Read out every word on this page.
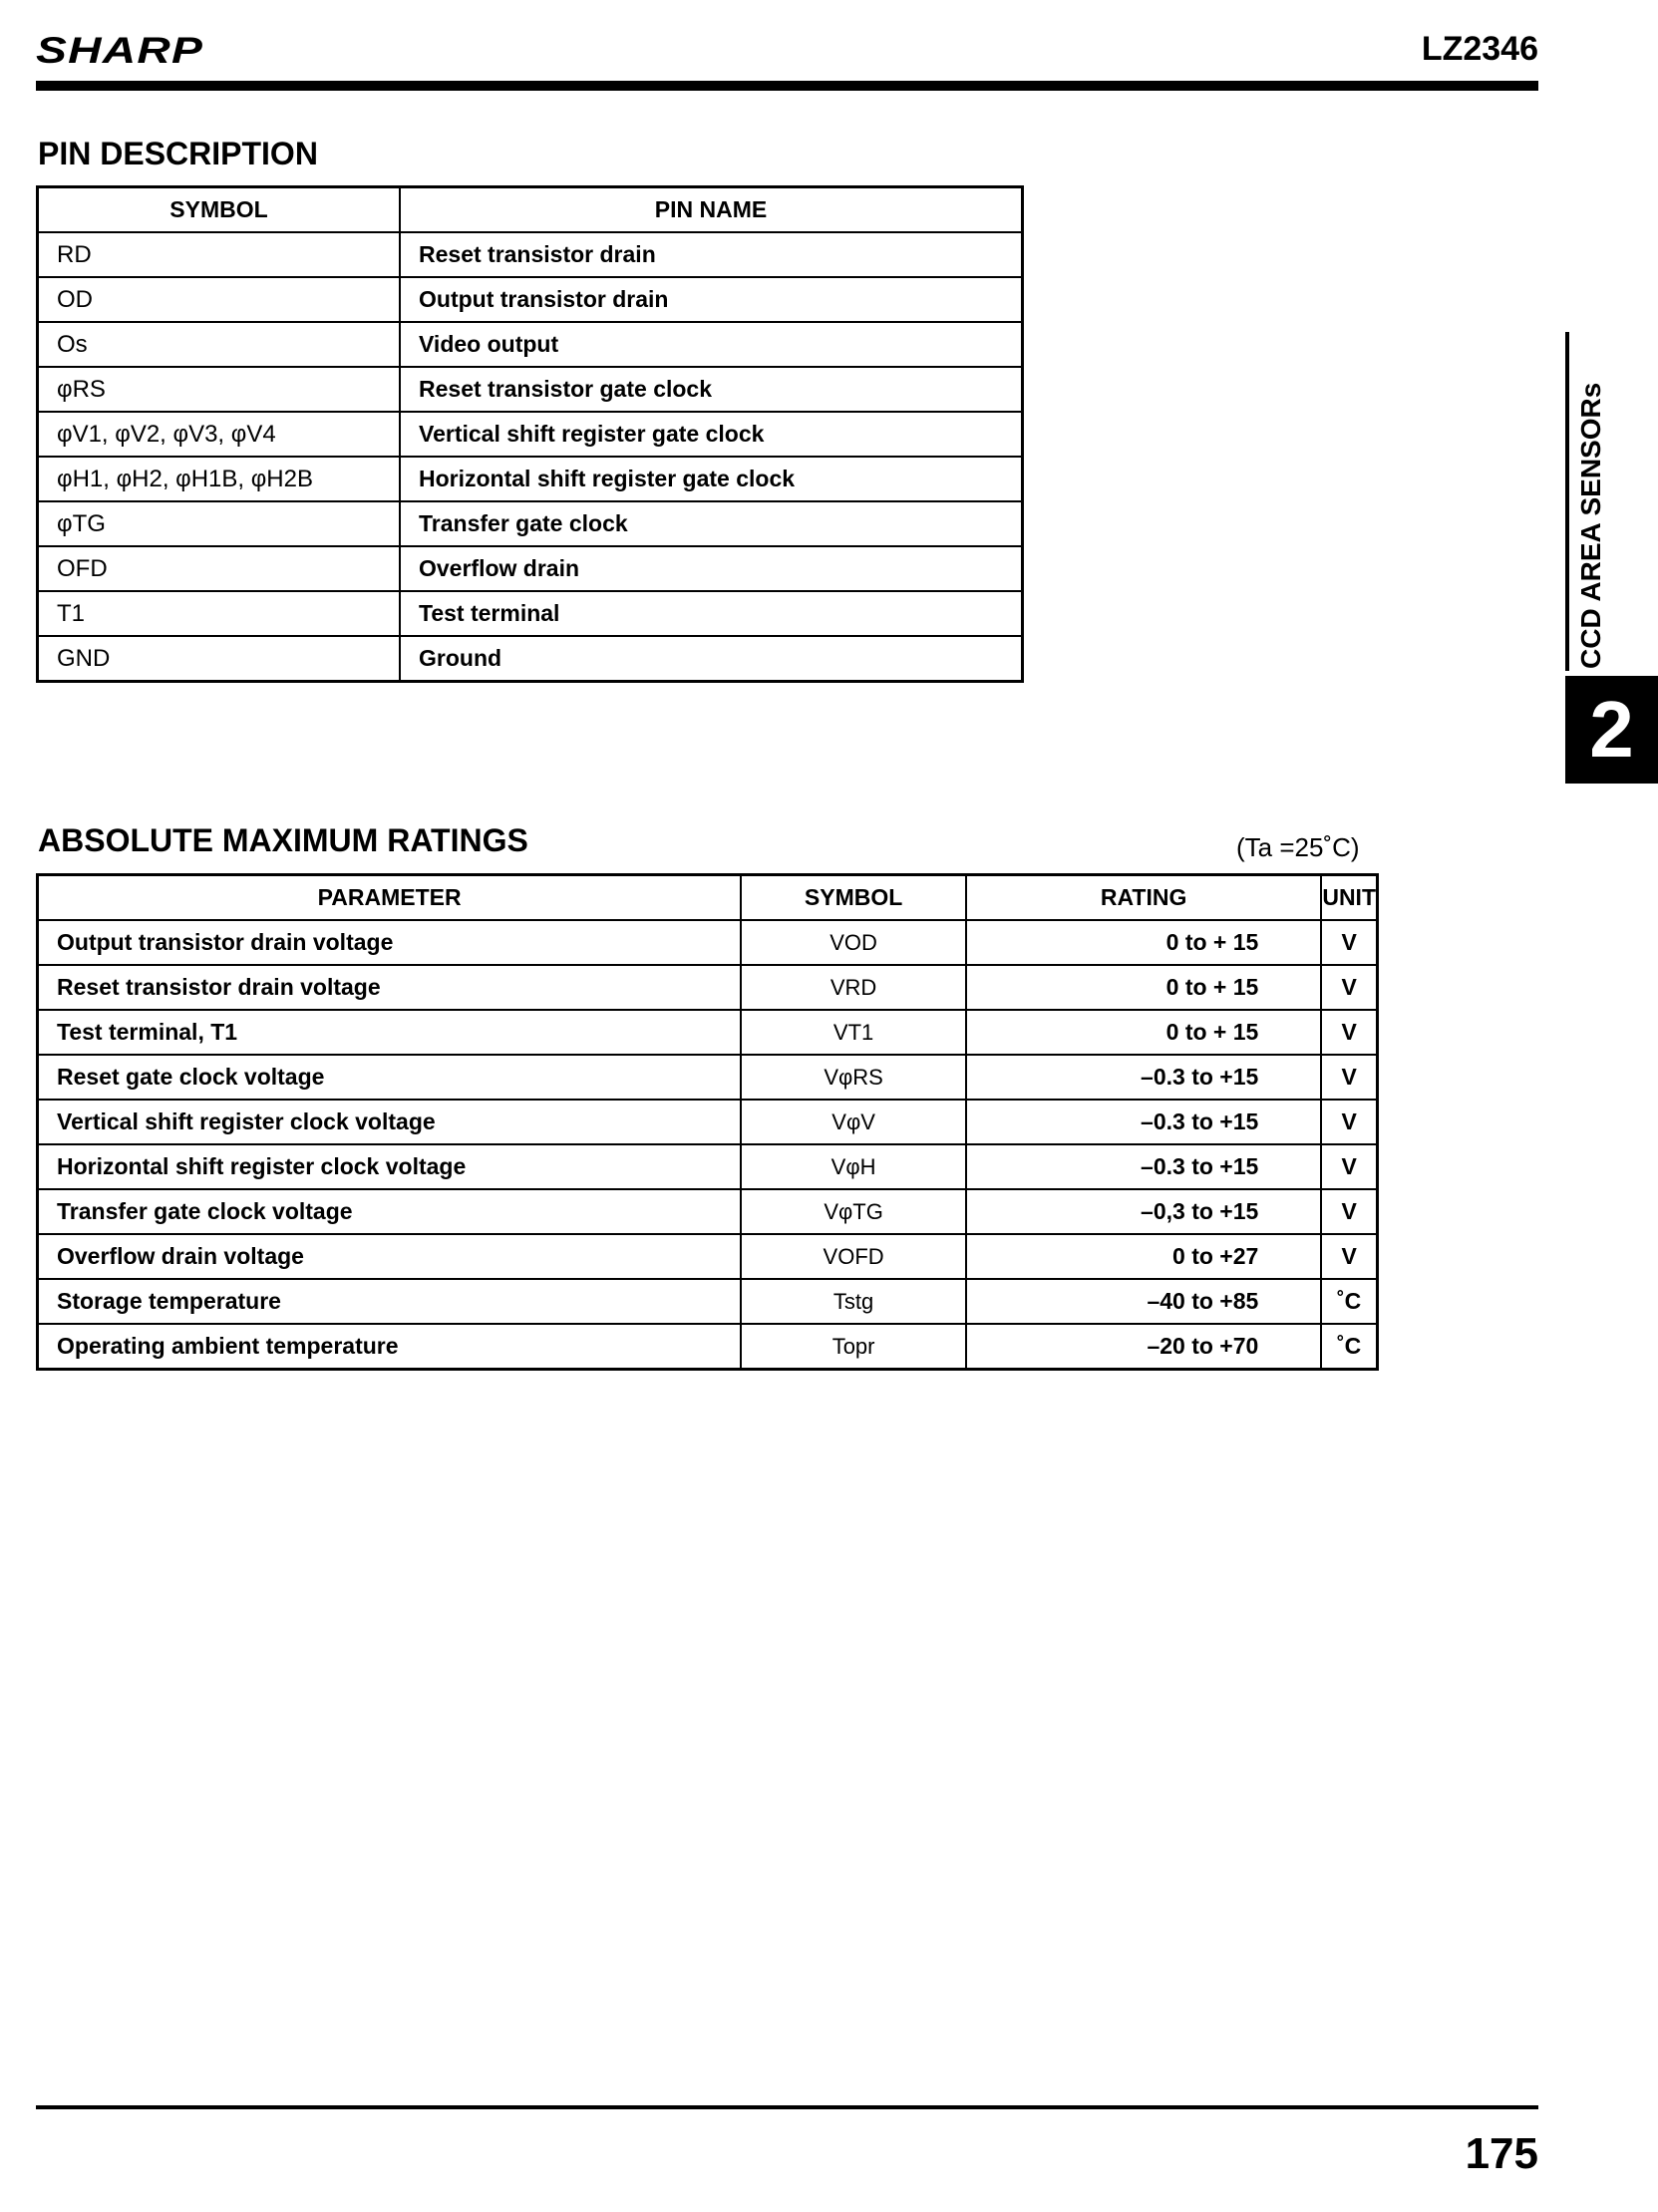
SHARP	LZ2346
PIN DESCRIPTION
SYMBOL	PIN NAME
RD	Reset transistor drain
OD	Output transistor drain
Os	Video output
φRS	Reset transistor gate clock
φV1, φV2, φV3, φV4	Vertical shift register gate clock
φH1, φH2, φH1B, φH2B	Horizontal shift register gate clock
φTG	Transfer gate clock
OFD	Overflow drain
T1	Test terminal
GND	Ground
ABSOLUTE MAXIMUM RATINGS	(Ta =25˚C)
PARAMETER	SYMBOL	RATING	UNIT
Output transistor drain voltage	VOD	0 to + 15	V
Reset transistor drain voltage	VRD	0 to + 15	V
Test terminal, T1	VT1	0 to + 15	V
Reset gate clock voltage	VφRS	–0.3 to +15	V
Vertical shift register clock voltage	VφV	–0.3 to +15	V
Horizontal shift register clock voltage	VφH	–0.3 to +15	V
Transfer gate clock voltage	VφTG	–0,3 to +15	V
Overflow drain voltage	VOFD	0 to +27	V
Storage temperature	Tstg	–40 to +85	˚C
Operating ambient temperature	Topr	–20 to +70	˚C
CCD AREA SENSORs
2
175
